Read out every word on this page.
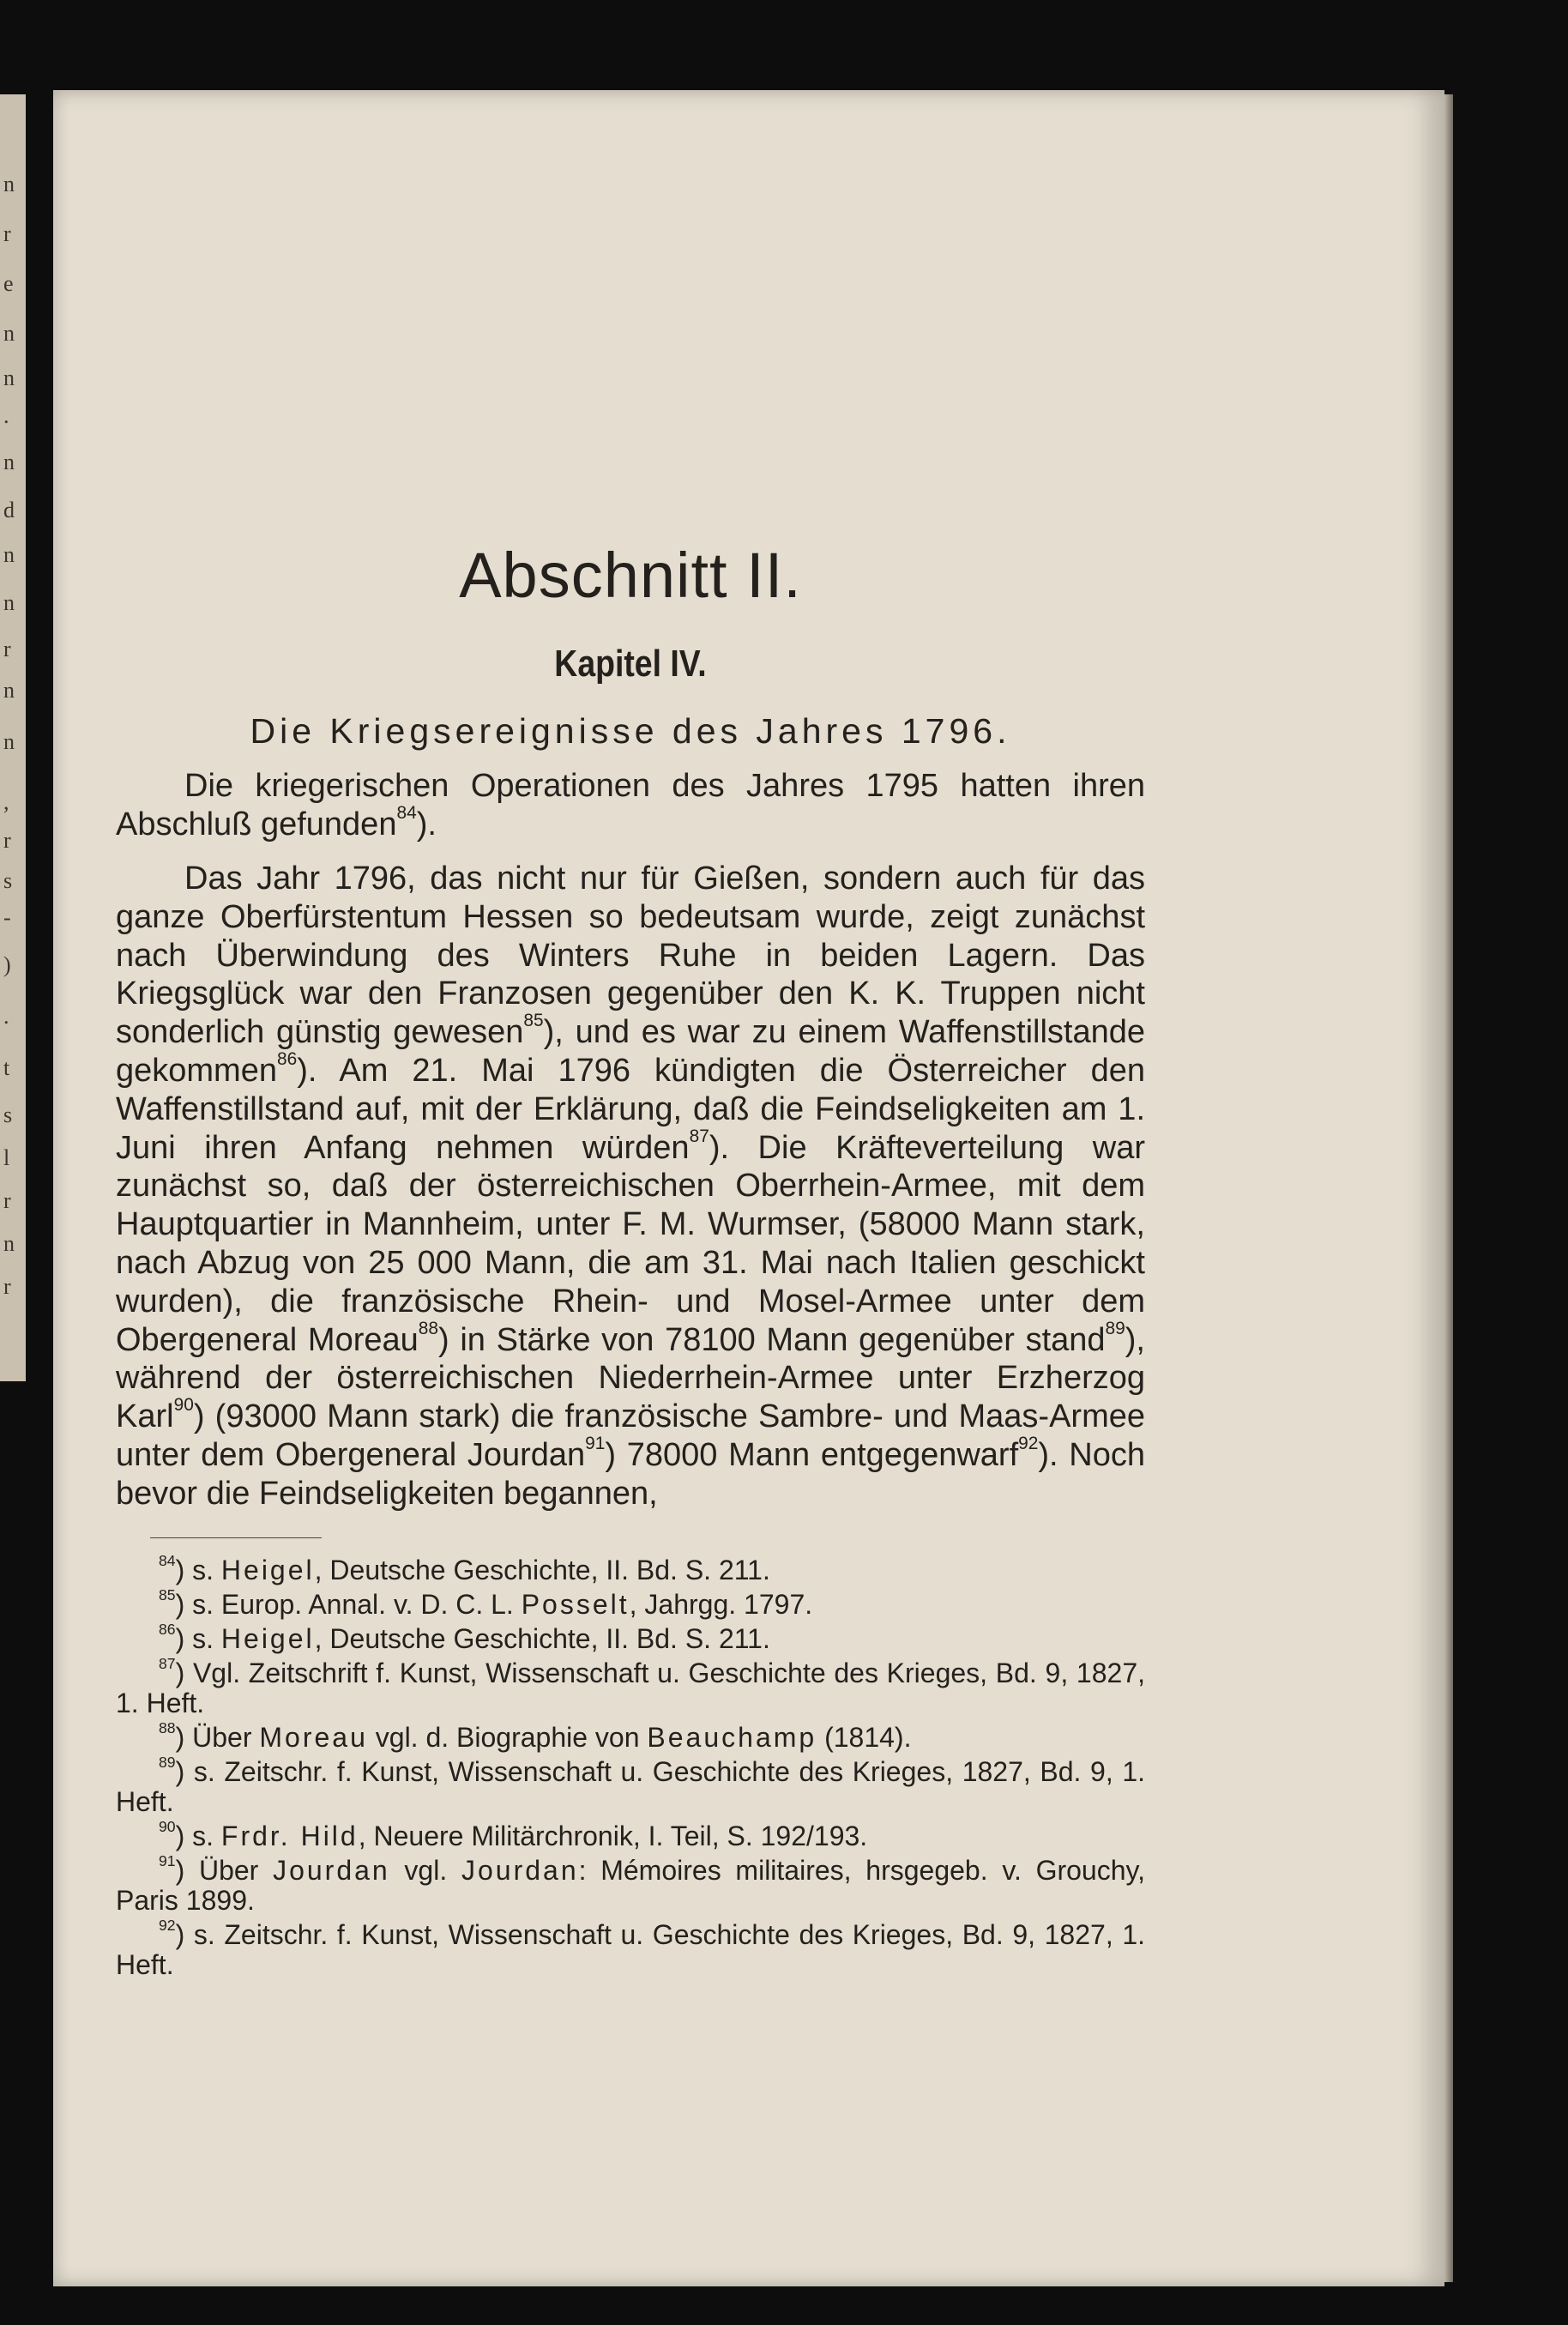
n
r
e
n
n
.
n
d
n
n
r
n
n
,
r
s
-
)
.
t
s
l
r
n
r
Abschnitt II.
Kapitel IV.
Die Kriegsereignisse des Jahres 1796.

Die kriegerischen Operationen des Jahres 1795 hatten ihren Abschluß gefunden$^{84}$).

Das Jahr 1796, das nicht nur für Gießen, sondern auch für das ganze Oberfürstentum Hessen so bedeutsam wurde, zeigt zunächst nach Überwindung des Winters Ruhe in beiden Lagern. Das Kriegsglück war den Franzosen gegenüber den K. K. Truppen nicht sonderlich günstig gewesen$^{85}$), und es war zu einem Waffenstillstande gekommen$^{86}$). Am 21. Mai 1796 kündigten die Österreicher den Waffenstillstand auf, mit der Erklärung, daß die Feindseligkeiten am 1. Juni ihren Anfang nehmen würden$^{87}$). Die Kräfteverteilung war zunächst so, daß der österreichischen Oberrhein-Armee, mit dem Hauptquartier in Mannheim, unter F. M. Wurmser, (58000 Mann stark, nach Abzug von 25 000 Mann, die am 31. Mai nach Italien geschickt wurden), die französische Rhein- und Mosel-Armee unter dem Obergeneral Moreau$^{88}$) in Stärke von 78100 Mann gegenüber stand$^{89}$), während der österreichischen Niederrhein-Armee unter Erzherzog Karl$^{90}$) (93000 Mann stark) die französische Sambre- und Maas-Armee unter dem Obergeneral Jourdan$^{91}$) 78000 Mann entgegenwarf$^{92}$). Noch bevor die Feindseligkeiten begannen,

$^{84}$) s. Heigel, Deutsche Geschichte, II. Bd. S. 211.

$^{85}$) s. Europ. Annal. v. D. C. L. Posselt, Jahrgg. 1797.

$^{86}$) s. Heigel, Deutsche Geschichte, II. Bd. S. 211.

$^{87}$) Vgl. Zeitschrift f. Kunst, Wissenschaft u. Geschichte des Krieges, Bd. 9, 1827, 1. Heft.

$^{88}$) Über Moreau vgl. d. Biographie von Beauchamp (1814).

$^{89}$) s. Zeitschr. f. Kunst, Wissenschaft u. Geschichte des Krieges, 1827, Bd. 9, 1. Heft.

$^{90}$) s. Frdr. Hild, Neuere Militärchronik, I. Teil, S. 192/193.

$^{91}$) Über Jourdan vgl. Jourdan: Mémoires militaires, hrsgegeb. v. Grouchy, Paris 1899.

$^{92}$) s. Zeitschr. f. Kunst, Wissenschaft u. Geschichte des Krieges, Bd. 9, 1827, 1. Heft.
